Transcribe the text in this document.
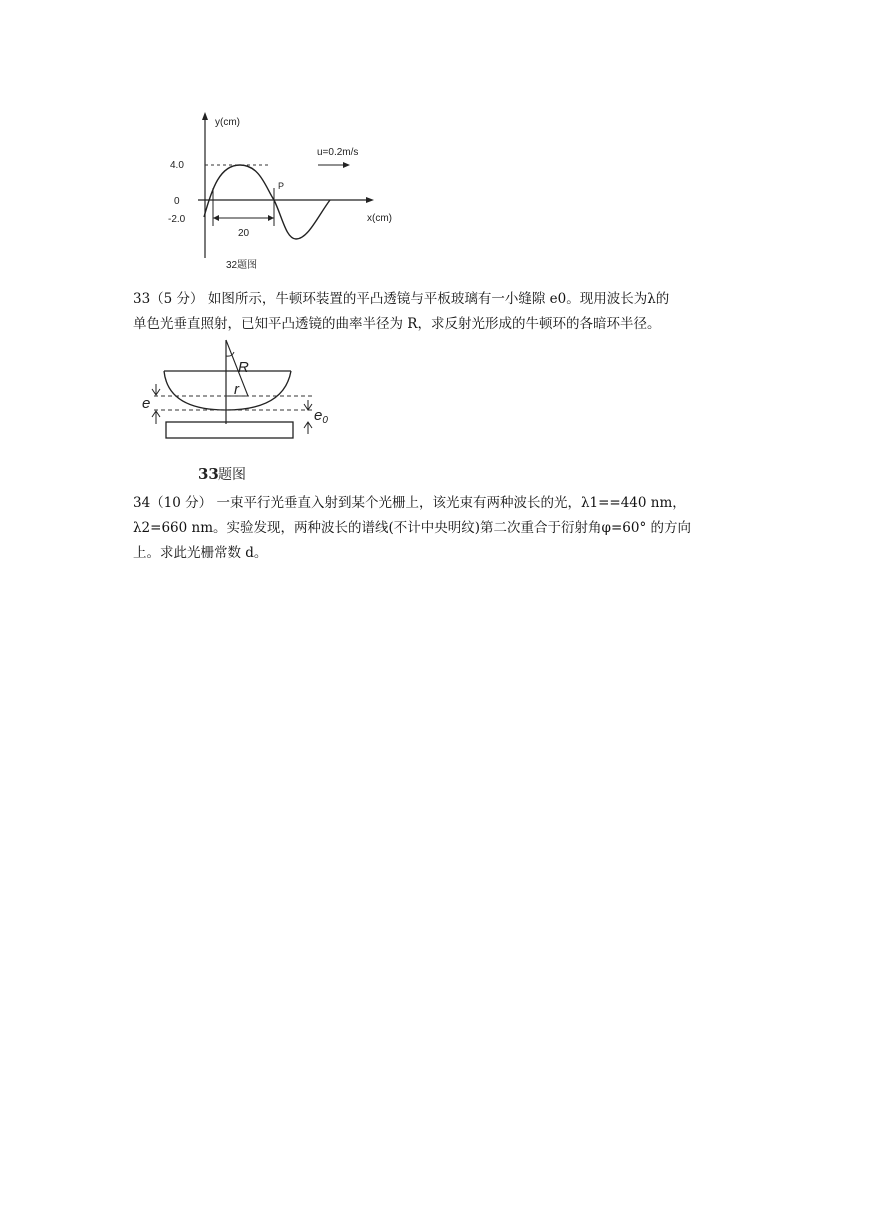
y(cm)
x(cm)
4.0
0
-2.0
u=0.2m/s
P
20
32题图

33（5 分） 如图所示，牛顿环装置的平凸透镜与平板玻璃有一小缝隙 e0。现用波长为λ的

单色光垂直照射，已知平凸透镜的曲率半径为 R，求反射光形成的牛顿环的各暗环半径。

R
r
e
$e_0$
33 题图

34（10 分） 一束平行光垂直入射到某个光栅上，该光束有两种波长的光，λ1==440 nm，

λ2=660 nm。实验发现，两种波长的谱线(不计中央明纹)第二次重合于衍射角φ=60° 的方向

上。求此光栅常数 d。
